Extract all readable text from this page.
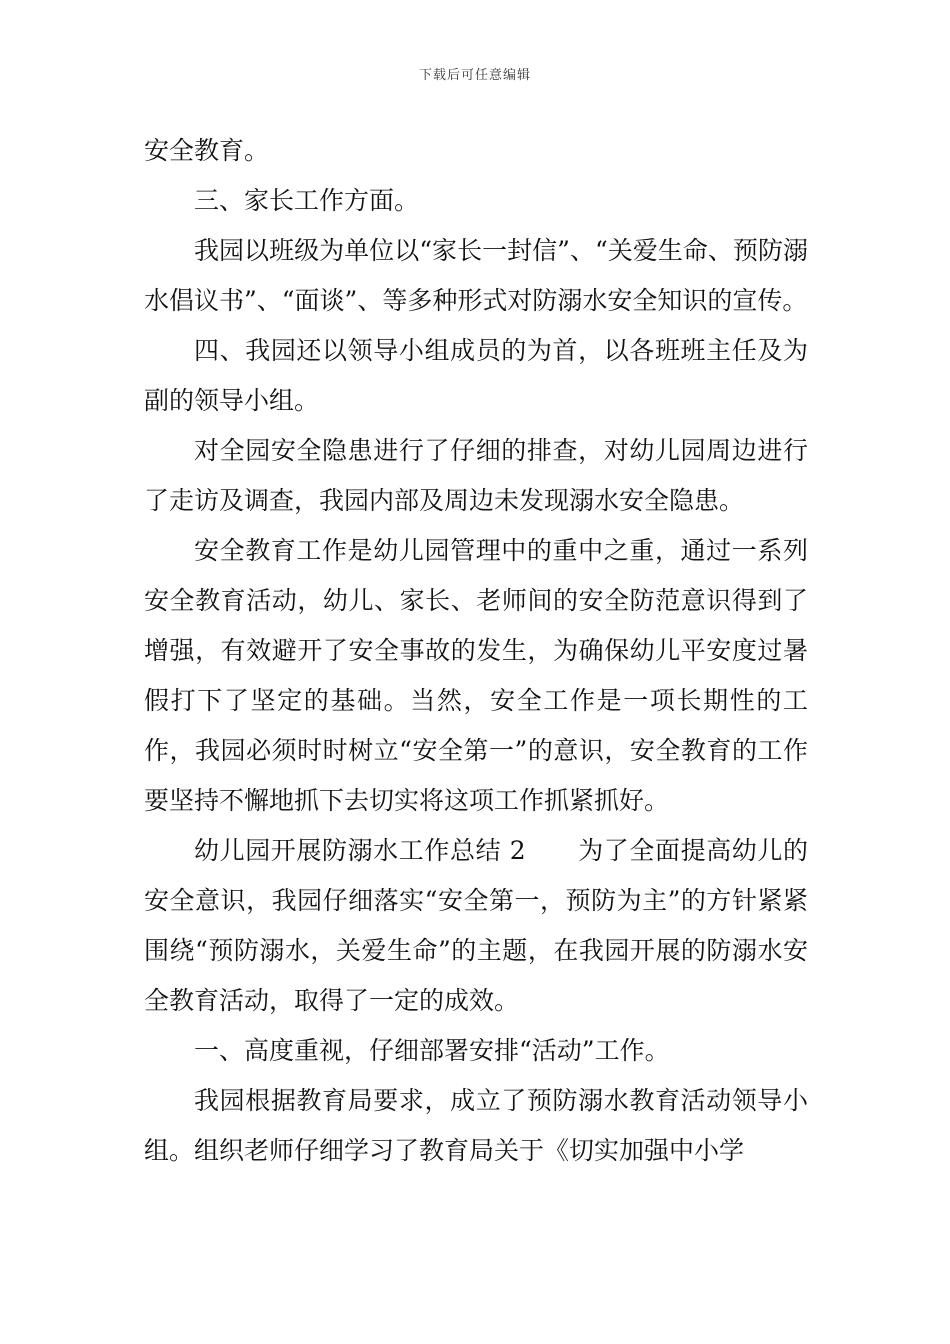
下载后可任意编辑

安全教育。

三、家长工作方面。

我园以班级为单位以“家长一封信”、“关爱生命、预防溺水倡议书”、“面谈”、等多种形式对防溺水安全知识的宣传。

四、我园还以领导小组成员的为首，以各班班主任及为副的领导小组。

对全园安全隐患进行了仔细的排查，对幼儿园周边进行了走访及调查，我园内部及周边未发现溺水安全隐患。

安全教育工作是幼儿园管理中的重中之重，通过一系列安全教育活动，幼儿、家长、老师间的安全防范意识得到了增强，有效避开了安全事故的发生，为确保幼儿平安度过暑假打下了坚定的基础。当然，安全工作是一项长期性的工作，我园必须时时树立“安全第一”的意识，安全教育的工作要坚持不懈地抓下去切实将这项工作抓紧抓好。

幼儿园开展防溺水工作总结 2 为了全面提高幼儿的安全意识，我园仔细落实“安全第一，预防为主”的方针紧紧围绕“预防溺水，关爱生命”的主题，在我园开展的防溺水安全教育活动，取得了一定的成效。

一、高度重视，仔细部署安排“活动”工作。

我园根据教育局要求，成立了预防溺水教育活动领导小组。组织老师仔细学习了教育局关于《切实加强中小学
